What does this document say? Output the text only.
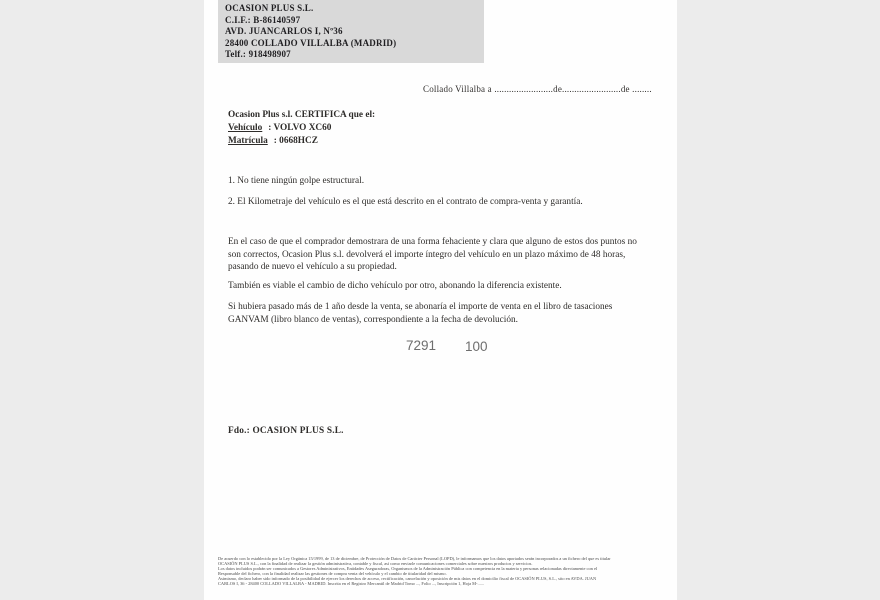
OCASION PLUS S.L.
C.I.F.: B-86140597
AVD. JUANCARLOS I, Nº36
28400 COLLADO VILLALBA (MADRID)
Telf.: 918498907
Collado Villalba a ........................de........................de ........
Ocasion Plus s.l. CERTIFICA que el:
Vehículo : VOLVO XC60
Matrícula : 0668HCZ
1. No tiene ningún golpe estructural.
2. El Kilometraje del vehículo es el que está descrito en el contrato de compra-venta y garantía.
En el caso de que el comprador demostrara de una forma fehaciente y clara que alguno de estos dos puntos no
son correctos, Ocasion Plus s.l. devolverá el importe íntegro del vehículo en un plazo máximo de 48 horas,
pasando de nuevo el vehículo a su propiedad.
También es viable el cambio de dicho vehículo por otro, abonando la diferencia existente.
Si hubiera pasado más de 1 año desde la venta, se abonaría el importe de venta en el libro de tasaciones
GANVAM (libro blanco de ventas), correspondiente a la fecha de devolución.
7291 100
Fdo.: OCASION PLUS S.L.
De acuerdo con lo establecido por la Ley Orgánica 15/1999, de 13 de diciembre, de Protección de Datos de Carácter Personal (LOPD), le informamos que los datos aportados serán incorporados a un fichero del que es titular
OCASIÓN PLUS S.L., con la finalidad de realizar la gestión administrativa, contable y fiscal, así como enviarle comunicaciones comerciales sobre nuestros productos y servicios.
Los datos incluidos podrán ser comunicados a Gestores Administrativos, Entidades Aseguradoras, Organismos de la Administración Pública con competencia en la materia y personas relacionadas directamente con el
Responsable del fichero, con la finalidad realizar las gestiones de compra venta del vehículo y el cambio de titularidad del mismo.
Asimismo, declaro haber sido informado de la posibilidad de ejercer los derechos de acceso, rectificación, cancelación y oposición de mis datos en el domicilio fiscal de OCASIÓN PLUS, S.L., sito en AVDA. JUAN
CARLOS I, 36 - 28400 COLLADO VILLALBA - MADRID. Inscrita en el Registro Mercantil de Madrid Tomo ..., Folio ..., Inscripción 1, Hoja M-......
